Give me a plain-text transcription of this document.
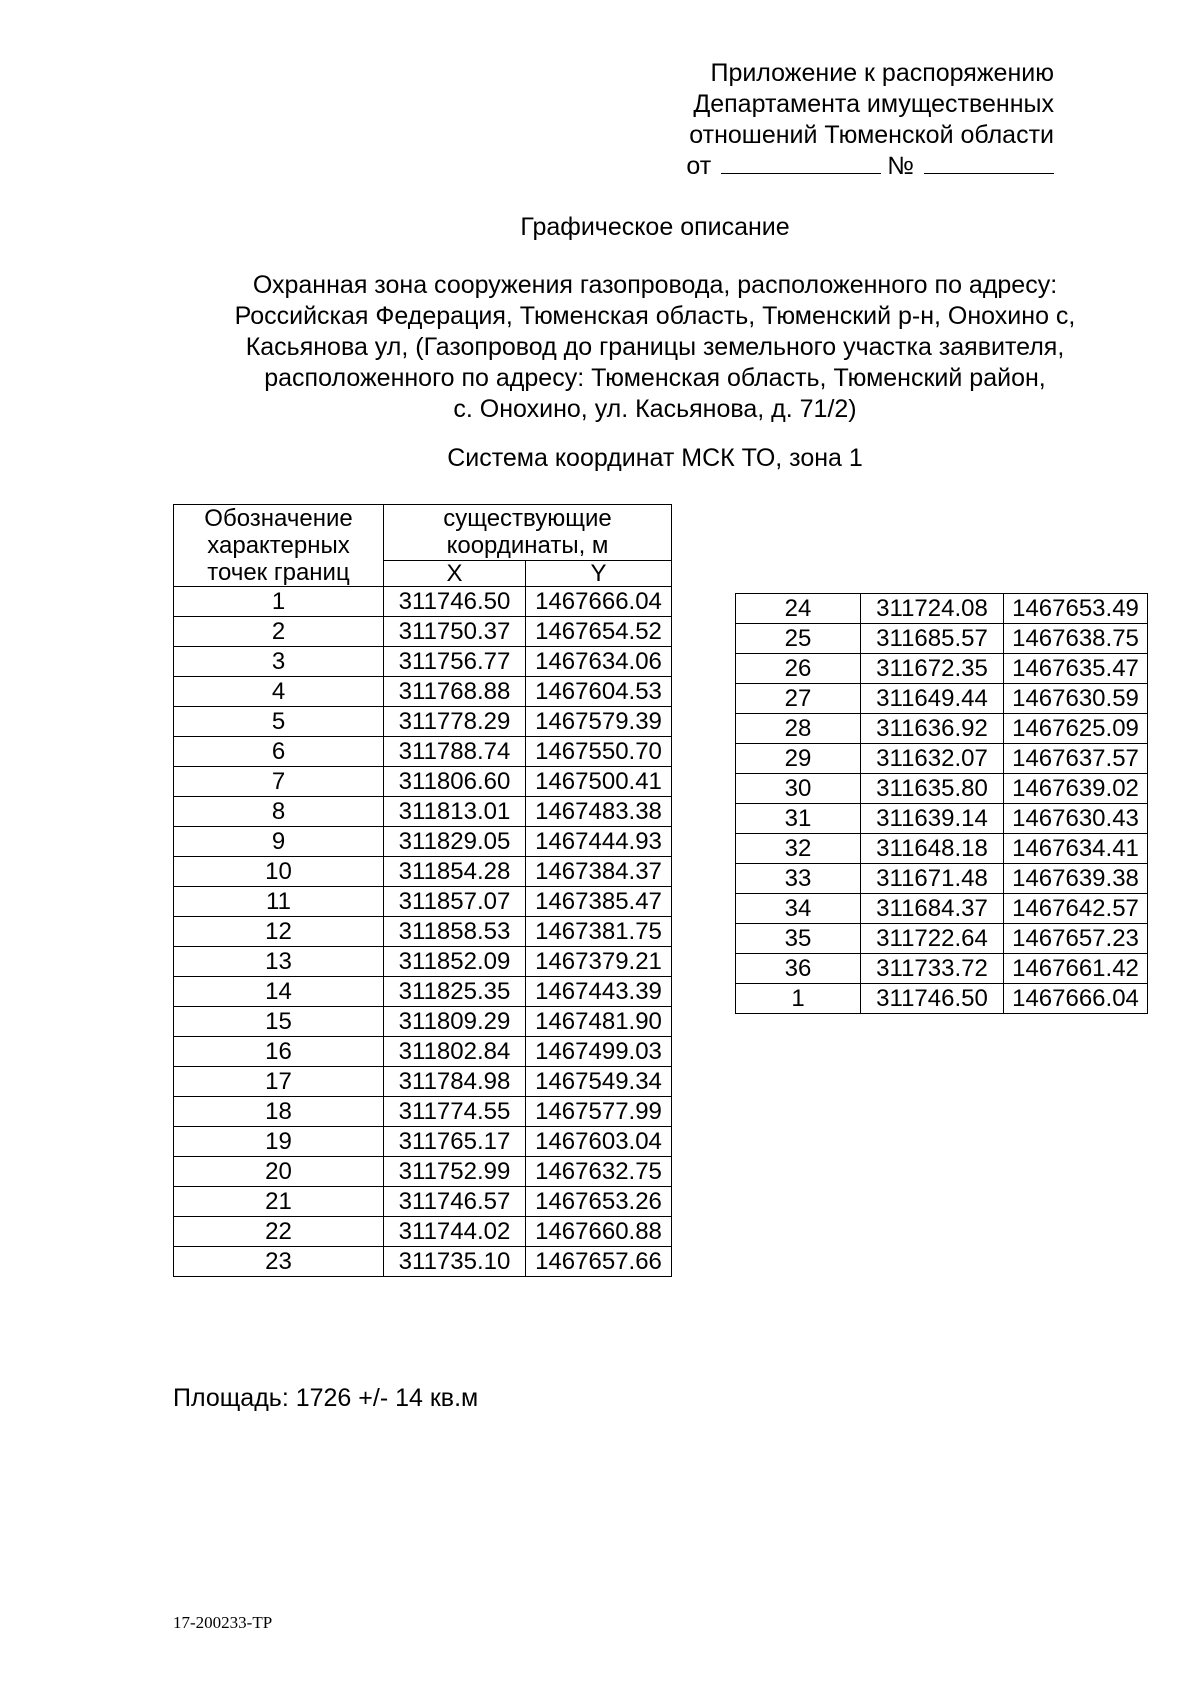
Приложение к распоряжению
Департамента имущественных
отношений Тюменской области
от	№
Графическое описание
Охранная зона сооружения газопровода, расположенного по адресу:
Российская Федерация, Тюменская область, Тюменский р-н, Онохино с,
Касьянова ул, (Газопровод до границы земельного участка заявителя,
расположенного по адресу: Тюменская область, Тюменский район,
с. Онохино, ул. Касьянова, д. 71/2)
Система координат МСК ТО, зона 1
Обозначение
характерных
точек границ	существующие
координаты, м	

	X	Y
1	311746.50	1467666.04
2	311750.37	1467654.52
3	311756.77	1467634.06
4	311768.88	1467604.53
5	311778.29	1467579.39
6	311788.74	1467550.70
7	311806.60	1467500.41
8	311813.01	1467483.38
9	311829.05	1467444.93
10	311854.28	1467384.37
11	311857.07	1467385.47
12	311858.53	1467381.75
13	311852.09	1467379.21
14	311825.35	1467443.39
15	311809.29	1467481.90
16	311802.84	1467499.03
17	311784.98	1467549.34
18	311774.55	1467577.99
19	311765.17	1467603.04
20	311752.99	1467632.75
21	311746.57	1467653.26
22	311744.02	1467660.88
23	311735.10	1467657.66
24	311724.08	1467653.49
25	311685.57	1467638.75
26	311672.35	1467635.47
27	311649.44	1467630.59
28	311636.92	1467625.09
29	311632.07	1467637.57
30	311635.80	1467639.02
31	311639.14	1467630.43
32	311648.18	1467634.41
33	311671.48	1467639.38
34	311684.37	1467642.57
35	311722.64	1467657.23
36	311733.72	1467661.42
1	311746.50	1467666.04
Площадь: 1726 +/- 14 кв.м
17-200233-ТР
